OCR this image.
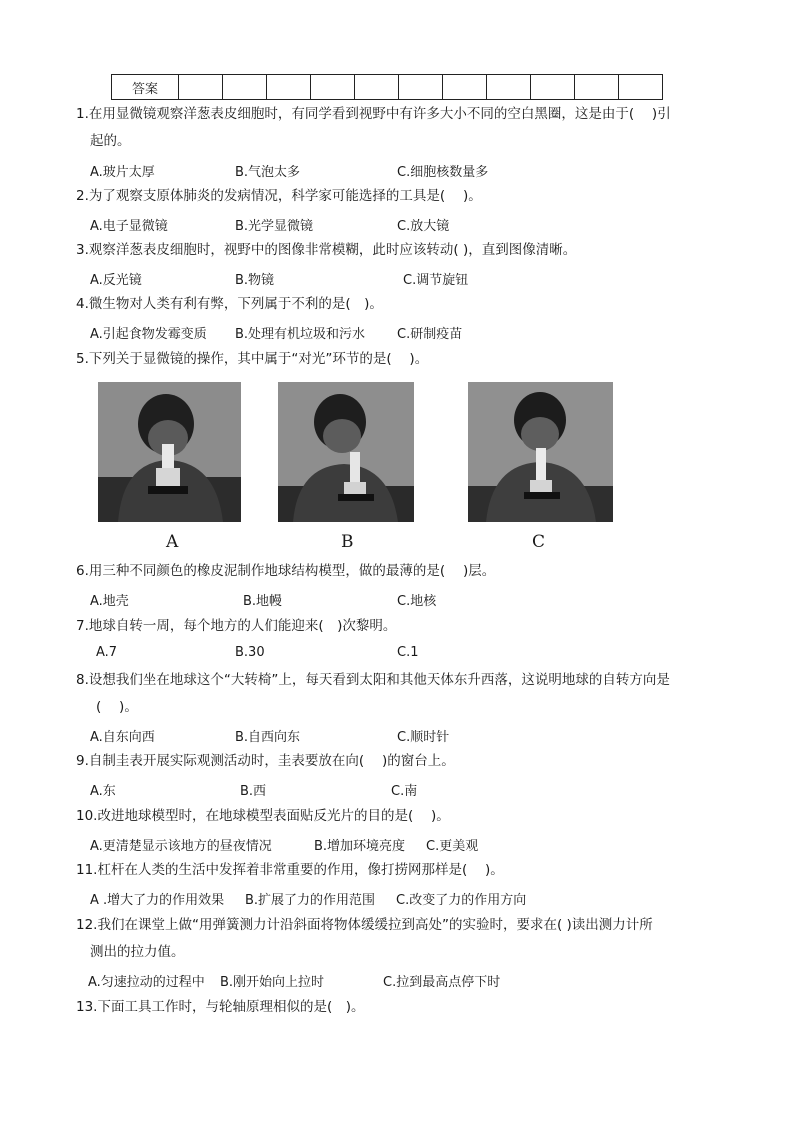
答案											
1.在用显微镜观察洋葱表皮细胞时，有同学看到视野中有许多大小不同的空白黑圈，这是由于(　 )引
起的。
A.玻片太厚	B.气泡太多	C.细胞核数量多
2.为了观察支原体肺炎的发病情况，科学家可能选择的工具是(　 )。
A.电子显微镜	B.光学显微镜	C.放大镜
3.观察洋葱表皮细胞时，视野中的图像非常模糊，此时应该转动( )，直到图像清晰。
A.反光镜	B.物镜	C.调节旋钮
4.微生物对人类有利有弊，下列属于不利的是(　)。
A.引起食物发霉变质 B.处理有机垃圾和污水 C.研制疫苗
5.下列关于显微镜的操作，其中属于“对光”环节的是(　 )。
A	B	C
6.用三种不同颜色的橡皮泥制作地球结构模型，做的最薄的是(　 )层。
A.地壳	B.地幔	C.地核
7.地球自转一周，每个地方的人们能迎来(　)次黎明。
A.7	B.30	C.1
8.设想我们坐在地球这个“大转椅”上，每天看到太阳和其他天体东升西落，这说明地球的自转方向是
(　 )。
A.自东向西	B.自西向东	C.顺时针
9.自制圭表开展实际观测活动时，圭表要放在向(　 )的窗台上。
A.东	B.西	C.南
10.改进地球模型时，在地球模型表面贴反光片的目的是(　 )。
A.更清楚显示该地方的昼夜情况	B.增加环境亮度 C.更美观
11.杠杆在人类的生活中发挥着非常重要的作用，像打捞网那样是(　 )。
A .增大了力的作用效果 B.扩展了力的作用范围 C.改变了力的作用方向
12.我们在课堂上做“用弹簧测力计沿斜面将物体缓缓拉到高处”的实验时，要求在( )读出测力计所
测出的拉力值。
A.匀速拉动的过程中 B.刚开始向上拉时	C.拉到最高点停下时
13.下面工具工作时，与轮轴原理相似的是(　)。
